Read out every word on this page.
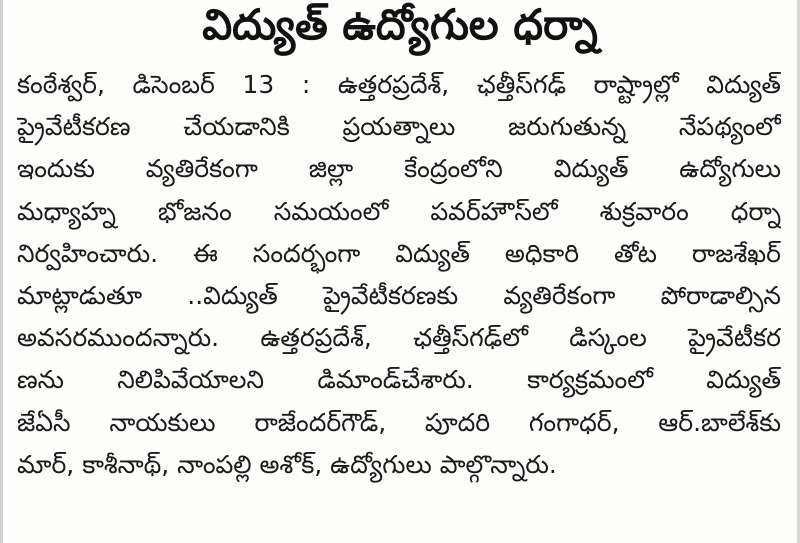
విద్యుత్ ఉద్యోగుల ధర్నా
కంఠేశ్వర్, డిసెంబర్ 13 : ఉత్తరప్రదేశ్, ఛత్తీస్‌గఢ్ రాష్ట్రాల్లో విద్యుత్
ప్రైవేటీకరణ చేయడానికి ప్రయత్నాలు జరుగుతున్న నేపథ్యంలో
ఇందుకు వ్యతిరేకంగా జిల్లా కేంద్రంలోని విద్యుత్ ఉద్యోగులు
మధ్యాహ్న భోజనం సమయంలో పవర్‌హౌస్‌లో శుక్రవారం ధర్నా
నిర్వహించారు. ఈ సందర్భంగా విద్యుత్ అధికారి తోట రాజశేఖర్
మాట్లాడుతూ ..విద్యుత్ ప్రైవేటీకరణకు వ్యతిరేకంగా పోరాడాల్సిన
అవసరముందన్నారు. ఉత్తరప్రదేశ్, ఛత్తీస్‌గఢ్‌లో డిస్కంల ప్రైవేటీకర
ణను నిలిపివేయాలని డిమాండ్‌చేశారు. కార్యక్రమంలో విద్యుత్
జేఏసీ నాయకులు రాజేందర్‌గౌడ్, పూదరి గంగాధర్, ఆర్.బాలేశ్‌కు
మార్, కాశీనాథ్, నాంపల్లి అశోక్, ఉద్యోగులు పాల్గొన్నారు.
